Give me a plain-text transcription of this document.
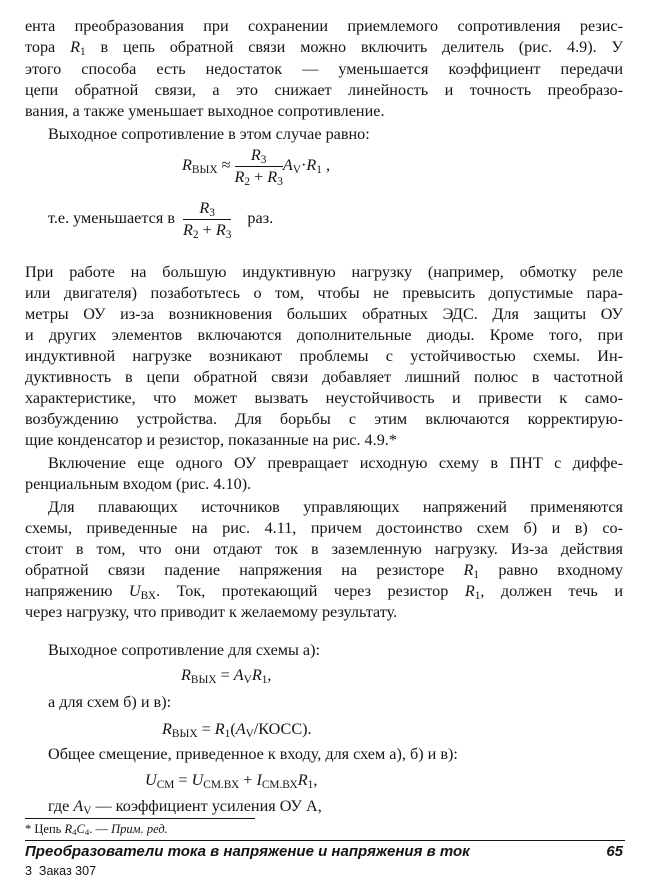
ента преобразования при сохранении приемлемого сопротивления резис-
тора $R_1$ в цепь обратной связи можно включить делитель (рис. 4.9). У
этого способа есть недостаток — уменьшается коэффициент передачи
цепи обратной связи, а это снижает линейность и точность преобразо-
вания, а также уменьшает выходное сопротивление.
Выходное сопротивление в этом случае равно:
$R_{ВЫХ} \approx \frac{R_3}{R_2 + R_3} A_V\cdot R_1$ ,
т.е. уменьшается в $\frac{R_3}{R_2 + R_3}$ раз.
При работе на большую индуктивную нагрузку (например, обмотку реле
или двигателя) позаботьтесь о том, чтобы не превысить допустимые пара-
метры ОУ из-за возникновения больших обратных ЭДС. Для защиты ОУ
и других элементов включаются дополнительные диоды. Кроме того, при
индуктивной нагрузке возникают проблемы с устойчивостью схемы. Ин-
дуктивность в цепи обратной связи добавляет лишний полюс в частотной
характеристике, что может вызвать неустойчивость и привести к само-
возбуждению устройства. Для борьбы с этим включаются корректирую-
щие конденсатор и резистор, показанные на рис. 4.9.*
Включение еще одного ОУ превращает исходную схему в ПНТ с диффе-
ренциальным входом (рис. 4.10).
Для плавающих источников управляющих напряжений применяются
схемы, приведенные на рис. 4.11, причем достоинство схем б) и в) со-
стоит в том, что они отдают ток в заземленную нагрузку. Из-за действия
обратной связи падение напряжения на резисторе $R_1$ равно входному
напряжению $U_{ВХ}$. Ток, протекающий через резистор $R_1$, должен течь и
через нагрузку, что приводит к желаемому результату.
Выходное сопротивление для схемы а):
$R_{ВЫХ} = A_VR_1$,
а для схем б) и в):
$R_{ВЫХ}$ = $R_1(A_V/КОСС)$.
Общее смещение, приведенное к входу, для схем а), б) и в):
$U_{СМ} = U_{СМ.ВХ} + I_{СМ.ВХ}R_1$,
где $A_V$ — коэффициент усиления ОУ А,
* Цепь $R_4C_4$. — Прим. ред.
Преобразователи тока в напряжение и напряжения в ток	65
3 Заказ 307
